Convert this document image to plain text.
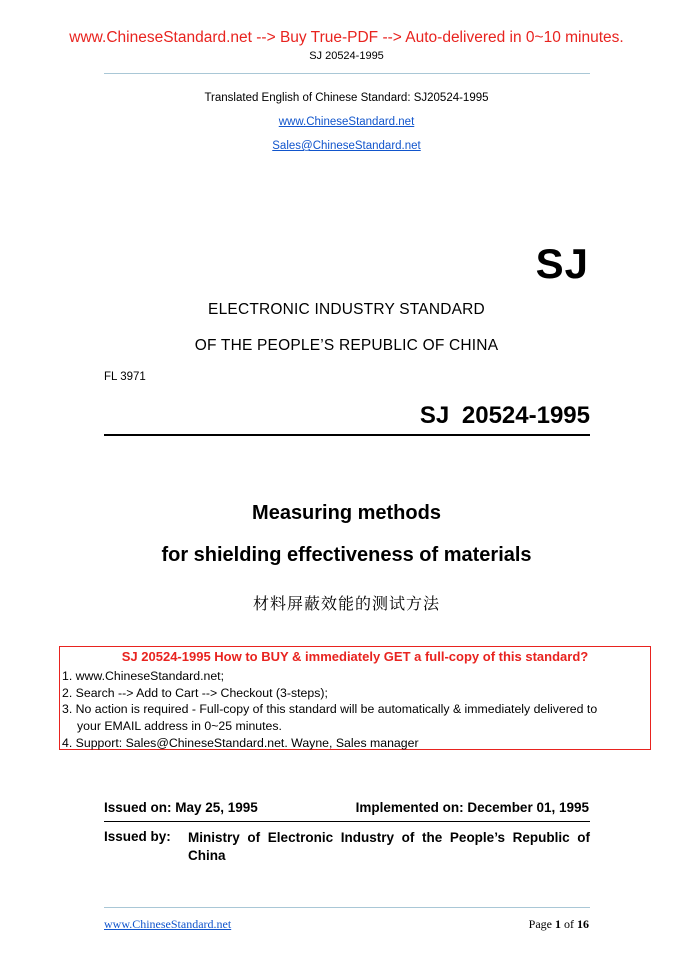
www.ChineseStandard.net --> Buy True-PDF --> Auto-delivered in 0~10 minutes.
SJ 20524-1995
Translated English of Chinese Standard: SJ20524-1995
www.ChineseStandard.net
Sales@ChineseStandard.net
SJ
ELECTRONIC INDUSTRY STANDARD
OF THE PEOPLE’S REPUBLIC OF CHINA
FL 3971
SJ 20524-1995
Measuring methods
for shielding effectiveness of materials
材料屏蔽效能的测试方法
SJ 20524-1995 How to BUY & immediately GET a full-copy of this standard?
1. www.ChineseStandard.net;
2. Search --> Add to Cart --> Checkout (3-steps);
3. No action is required - Full-copy of this standard will be automatically & immediately delivered to
your EMAIL address in 0~25 minutes.
4. Support: Sales@ChineseStandard.net. Wayne, Sales manager
Issued on: May 25, 1995	Implemented on: December 01, 1995
Issued by: Ministry of Electronic Industry of the People’s Republic of China
www.ChineseStandard.net	Page 1 of 16
